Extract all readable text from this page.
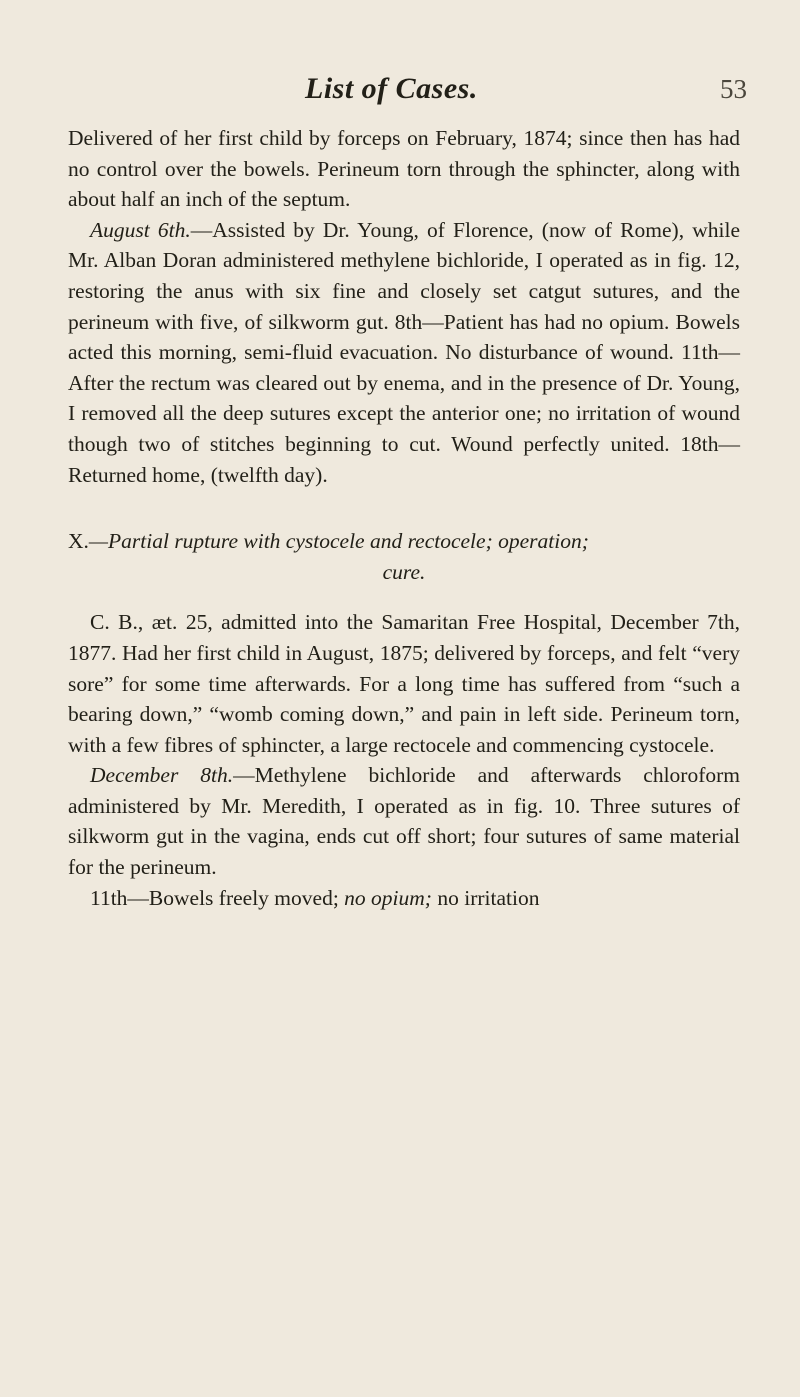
List of Cases.	53

Delivered of her first child by forceps on February, 1874; since then has had no control over the bowels. Perineum torn through the sphincter, along with about half an inch of the septum.

August 6th.—Assisted by Dr. Young, of Florence, (now of Rome), while Mr. Alban Doran administered methylene bichloride, I operated as in fig. 12, restoring the anus with six fine and closely set catgut sutures, and the perineum with five, of silkworm gut. 8th—Patient has had no opium. Bowels acted this morning, semi-fluid evacuation. No disturbance of wound. 11th—After the rectum was cleared out by enema, and in the presence of Dr. Young, I removed all the deep sutures except the anterior one; no irritation of wound though two of stitches beginning to cut. Wound perfectly united. 18th—Returned home, (twelfth day).

X.—Partial rupture with cystocele and rectocele; operation;
cure.

C. B., æt. 25, admitted into the Samaritan Free Hospital, December 7th, 1877. Had her first child in August, 1875; delivered by forceps, and felt “very sore” for some time afterwards. For a long time has suffered from “such a bearing down,” “womb coming down,” and pain in left side. Perineum torn, with a few fibres of sphincter, a large rectocele and commencing cystocele.

December 8th.—Methylene bichloride and afterwards chloroform administered by Mr. Meredith, I operated as in fig. 10. Three sutures of silkworm gut in the vagina, ends cut off short; four sutures of same material for the perineum.

11th—Bowels freely moved; no opium; no irritation
